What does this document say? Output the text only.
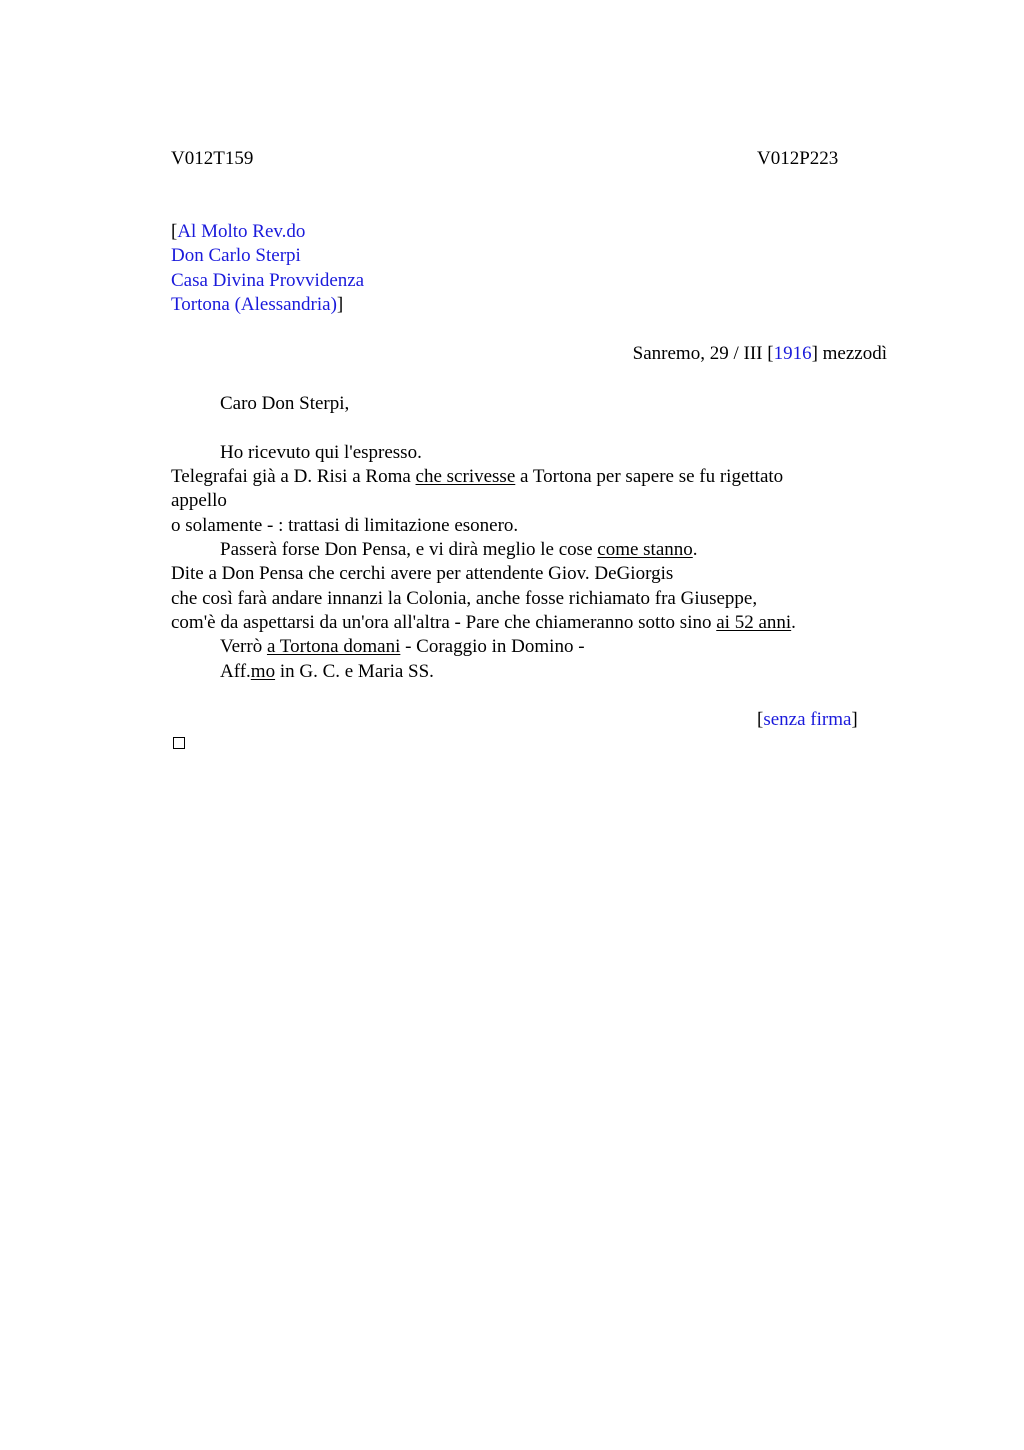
V012T159	V012P223
[Al Molto Rev.do
Don Carlo Sterpi
Casa Divina Provvidenza
Tortona (Alessandria)]
Sanremo, 29 / III [1916] mezzodì
Caro Don Sterpi,
Ho ricevuto qui l'espresso.
Telegrafai già a D. Risi a Roma che scrivesse a Tortona per sapere se fu rigettato
appello
o solamente - : trattasi di limitazione esonero.
Passerà forse Don Pensa, e vi dirà meglio le cose come stanno.
Dite a Don Pensa che cerchi avere per attendente Giov. DeGiorgis
che così farà andare innanzi la Colonia, anche fosse richiamato fra Giuseppe,
com'è da aspettarsi da un'ora all'altra - Pare che chiameranno sotto sino ai 52 anni.
Verrò a Tortona domani - Coraggio in Domino -
Aff.mo in G. C. e Maria SS.
[senza firma]
